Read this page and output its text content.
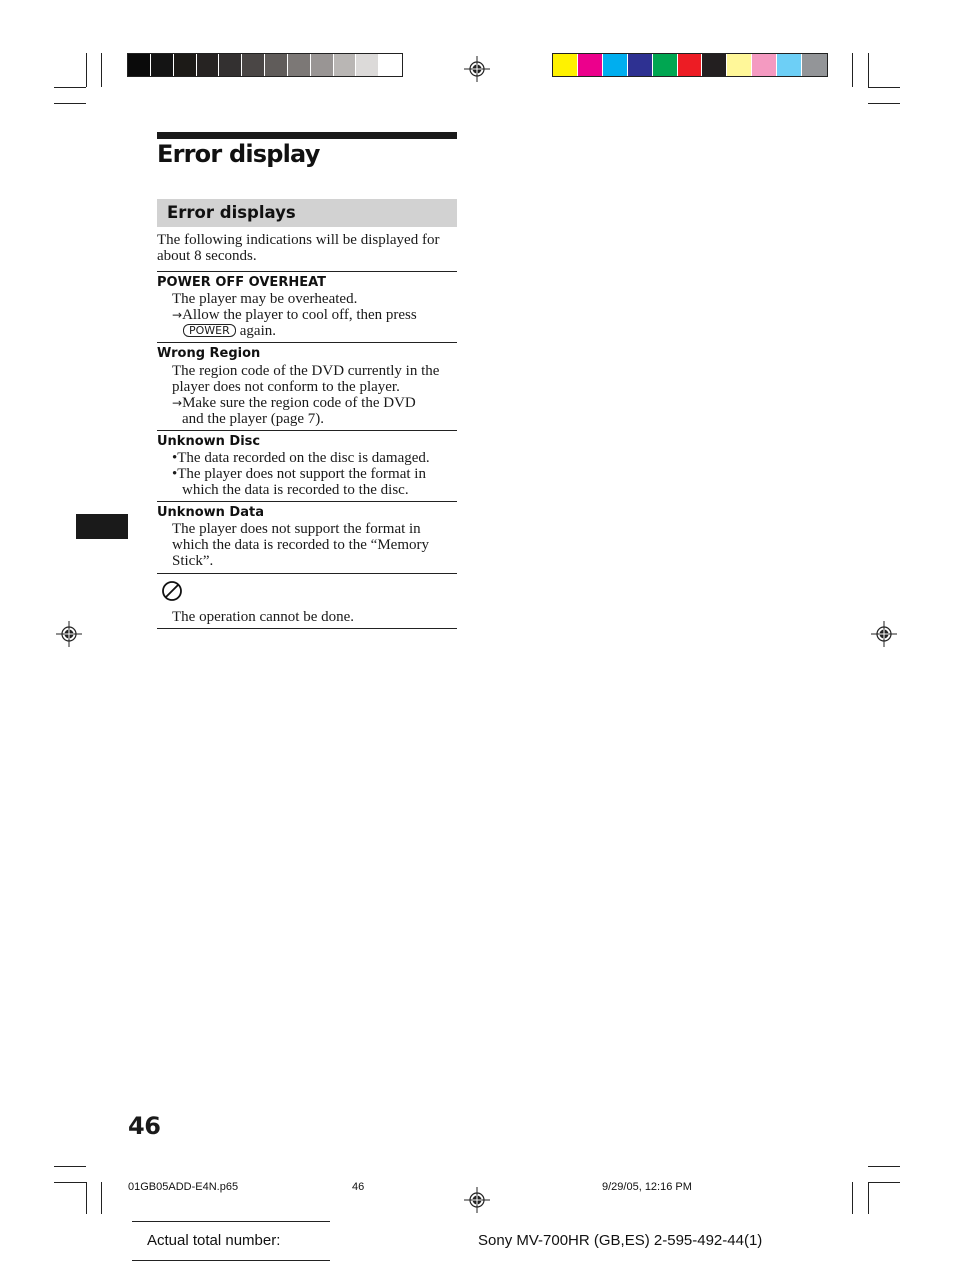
Error display
Error displays
The following indications will be displayed for about 8 seconds.
POWER OFF OVERHEAT
The player may be overheated.
→Allow the player to cool off, then press
POWER again.
Wrong Region
The region code of the DVD currently in the player does not conform to the player.
→Make sure the region code of the DVD
and the player (page 7).
Unknown Disc
•The data recorded on the disc is damaged.
•The player does not support the format in
which the data is recorded to the disc.
Unknown Data
The player does not support the format in which the data is recorded to the “Memory Stick”.
The operation cannot be done.
46
01GB05ADD-E4N.p65	46	9/29/05, 12:16 PM
Actual total number:	Sony MV-700HR (GB,ES) 2-595-492-44(1)
